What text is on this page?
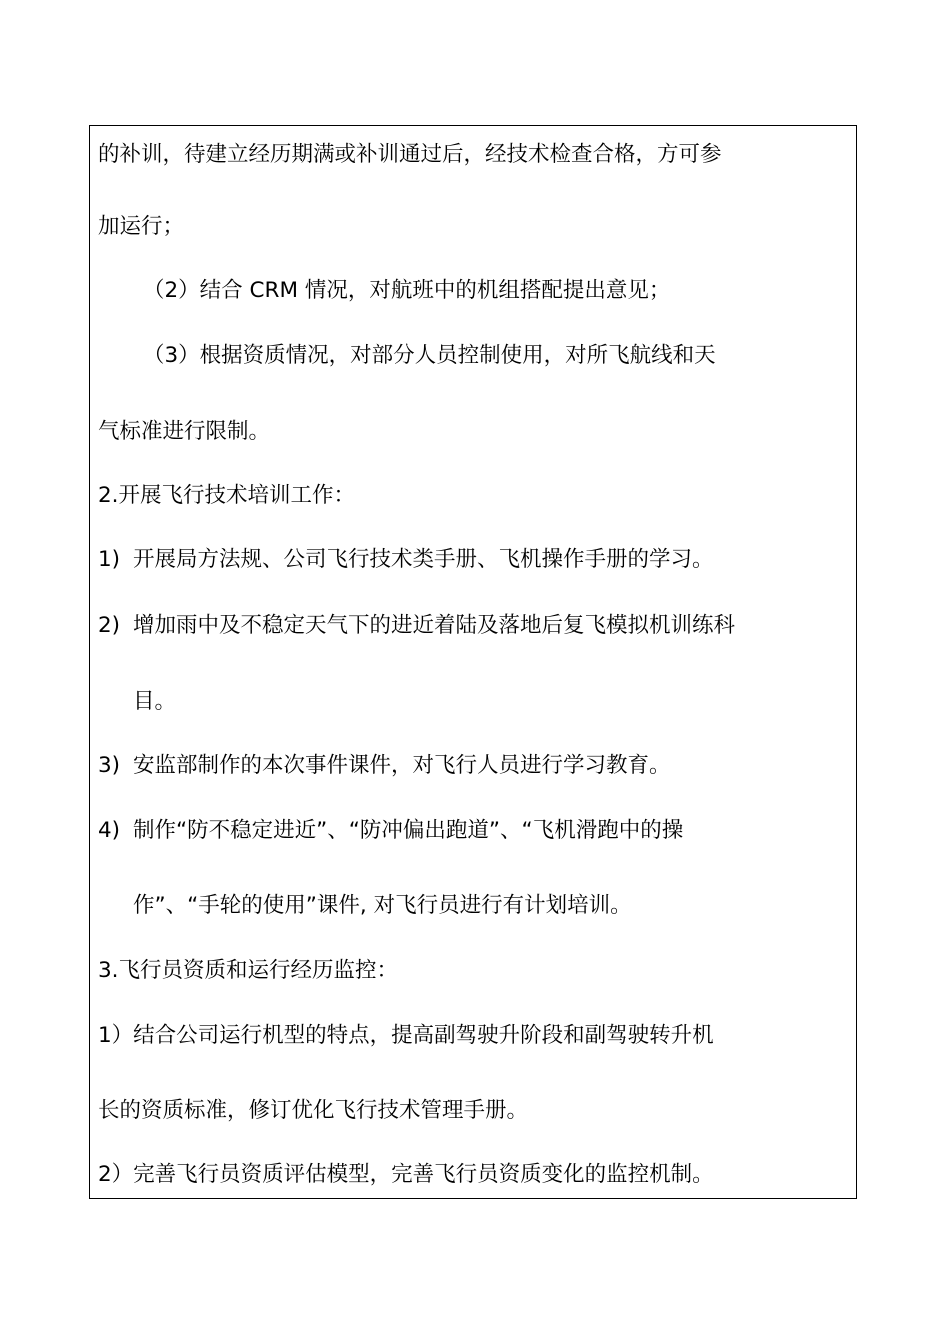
的补训，待建立经历期满或补训通过后，经技术检查合格，方可参
加运行；
（2）结合 CRM 情况，对航班中的机组搭配提出意见；
（3）根据资质情况，对部分人员控制使用，对所飞航线和天
气标准进行限制。
2.开展飞行技术培训工作：
1) 开展局方法规、公司飞行技术类手册、飞机操作手册的学习。
2) 增加雨中及不稳定天气下的进近着陆及落地后复飞模拟机训练科
目。
3) 安监部制作的本次事件课件，对飞行人员进行学习教育。
4) 制作“防不稳定进近”、“防冲偏出跑道”、“飞机滑跑中的操
作”、“手轮的使用”课件, 对飞行员进行有计划培训。
3.飞行员资质和运行经历监控：
1）结合公司运行机型的特点，提高副驾驶升阶段和副驾驶转升机
长的资质标准，修订优化飞行技术管理手册。
2）完善飞行员资质评估模型，完善飞行员资质变化的监控机制。
